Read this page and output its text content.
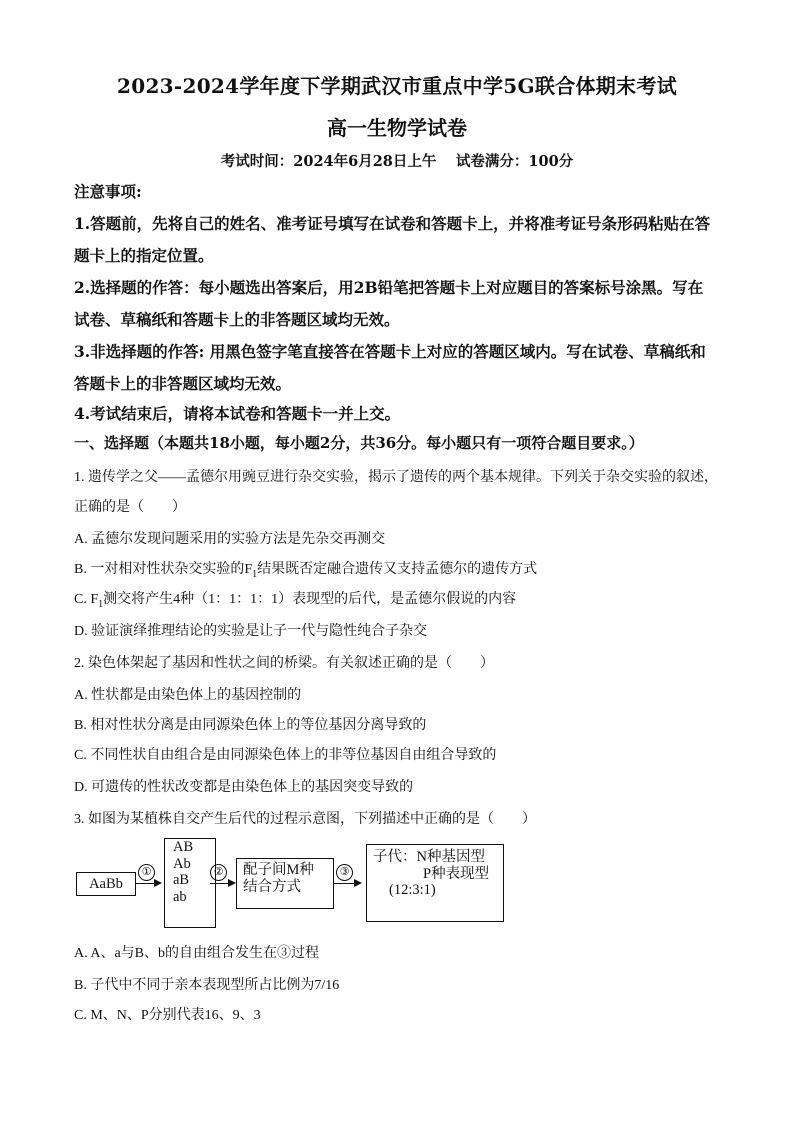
2023-2024学年度下学期武汉市重点中学5G联合体期末考试
高一生物学试卷
考试时间：2024年6月28日上午　 试卷满分：100分
注意事项:
1.答题前，先将自己的姓名、准考证号填写在试卷和答题卡上，并将准考证号条形码粘贴在答
题卡上的指定位置。
2.选择题的作答：每小题选出答案后，用2B铅笔把答题卡上对应题目的答案标号涂黑。写在
试卷、草稿纸和答题卡上的非答题区域均无效。
3.非选择题的作答: 用黑色签字笔直接答在答题卡上对应的答题区域内。写在试卷、草稿纸和
答题卡上的非答题区域均无效。
4.考试结束后，请将本试卷和答题卡一并上交。
一、选择题（本题共18小题，每小题2分，共36分。每小题只有一项符合题目要求。）
1. 遗传学之父——孟德尔用豌豆进行杂交实验，揭示了遗传的两个基本规律。下列关于杂交实验的叙述，
正确的是（　　）
A. 孟德尔发现问题采用的实验方法是先杂交再测交
B. 一对相对性状杂交实验的$F_1$结果既否定融合遗传又支持孟德尔的遗传方式
C. $F_1$测交将产生4种（1：1：1：1）表现型的后代，是孟德尔假说的内容
D. 验证演绎推理结论的实验是让子一代与隐性纯合子杂交
2. 染色体架起了基因和性状之间的桥梁。有关叙述正确的是（　　）
A. 性状都是由染色体上的基因控制的
B. 相对性状分离是由同源染色体上的等位基因分离导致的
C. 不同性状自由组合是由同源染色体上的非等位基因自由组合导致的
D. 可遗传的性状改变都是由染色体上的基因突变导致的
3. 如图为某植株自交产生后代的过程示意图，下列描述中正确的是（　　）
AaBb
①
AB
Ab
aB
ab
② 配子间M种
结合方式
③
子代：N种基因型
P种表现型
(12:3:1)
A. A、a与B、b的自由组合发生在③过程
B. 子代中不同于亲本表现型所占比例为7/16
C. M、N、P分别代表16、9、3
